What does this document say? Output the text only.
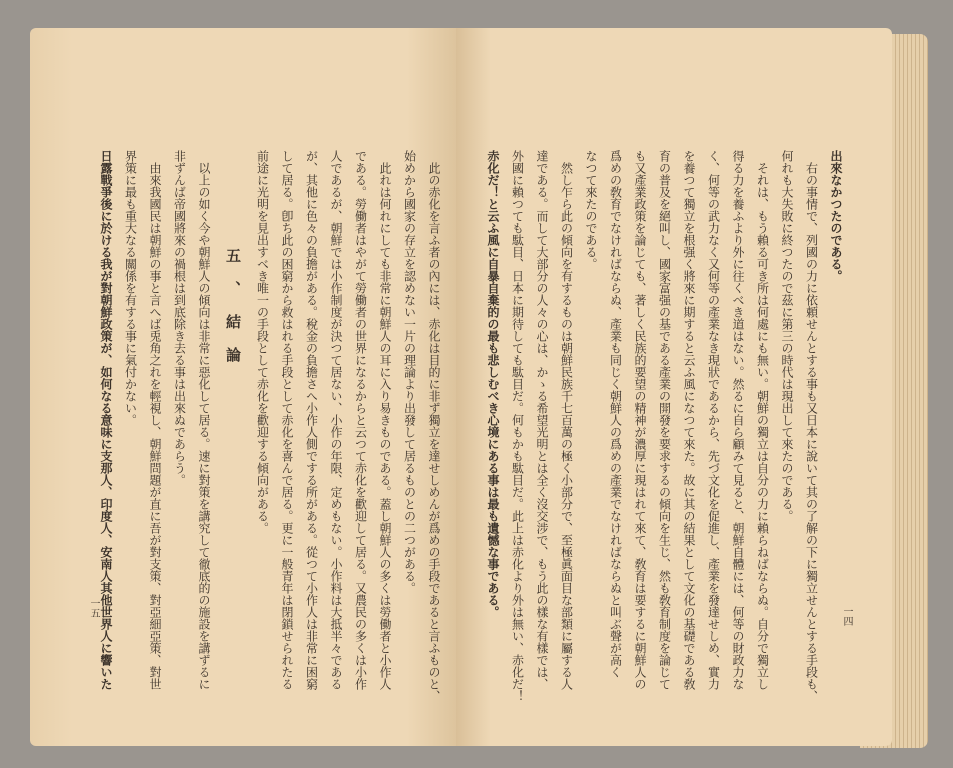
此の赤化を言ふ者の內には、赤化は目的に非ず獨立を達せしめんが爲めの手段であると言ふものと、

始めから國家の存立を認めない一片の理論より出發して居るものとの二つがある。

此れは何れにしても非常に朝鮮人の耳に入り易きものである。蓋し朝鮮人の多くは勞働者と小作人

である。勞働者はやがて勞働者の世界になるからと云つて赤化を歡迎して居る。又農民の多くは小作

人であるが、朝鮮では小作制度が決つて居ない、小作の年限、定めもない。小作料は大抵半々である

が、其他に色々の負擔がある。稅金の負擔さへ小作人側でする所がある。從つて小作人は非常に困窮

して居る。卽ち此の困窮から救はれる手段として赤化を喜んで居る。更に一般青年は閉鎖せられたる

前途に光明を見出すべき唯一の手段として赤化を歡迎する傾向がある。

五、結論

以上の如く今や朝鮮人の傾向は非常に惡化して居る。速に對策を講究して徹底的の施設を講ずるに

非ずんば帝國將來の禍根は到底除き去る事は出來ぬであらう。

由來我國民は朝鮮の事と言へば兎角之れを輕視し、朝鮮問題が直に吾が對支策、對亞細亞策、對世

界策に最も重大なる關係を有する事に氣付かない。

日露戰爭後に於ける我が對朝鮮政策が、如何なる意味に支那人、印度人、安南人其他世界人に響いた

一五

出來なかつたのである。

右の事情で、列國の力に依頼せんとする事も又日本に說いて其の了解の下に獨立せんとする手段も、

何れも大失敗に終つたので茲に第三の時代は現出して來たのである。

それは、もう賴る可き所は何處にも無い。朝鮮の獨立は自分の力に賴らねばならぬ。自分で獨立し

得る力を養ふより外に往くべき道はない。然るに自ら顧みて見ると、朝鮮自體には、何等の財政力な

く、何等の武力なく又何等の產業なき現狀であるから、先づ文化を促進し、產業を發達せしめ、實力

を養つて獨立を根强く將來に期すると云ふ風になつて來た。故に其の結果として文化の基礎である敎

育の普及を絕叫し、國家富强の基である產業の開發を要求するの傾向を生じ、然も敎育制度を論じて

も又產業政策を論じても、著しく民族的要望の精神が濃厚に現はれて來て、敎育は要するに朝鮮人の

爲めの敎育でなければならぬ、產業も同じく朝鮮人の爲めの產業でなければならぬと叫ぶ聲が高く

なつて來たのである。

然し乍ら此の傾向を有するものは朝鮮民族千七百萬の極く小部分で、至極眞面目な部類に屬する人

達である。而して大部分の人々の心は、かゝる希望光明とは全く沒交涉で、もう此の樣な有樣では、

外國に賴つても駄目、日本に期待しても駄目だ。何もかも駄目だ。此上は赤化より外は無い、赤化だ！

赤化だ！と云ふ風に自暴自棄的の最も悲しむべき心境にある事は最も遺憾な事である。	一四
